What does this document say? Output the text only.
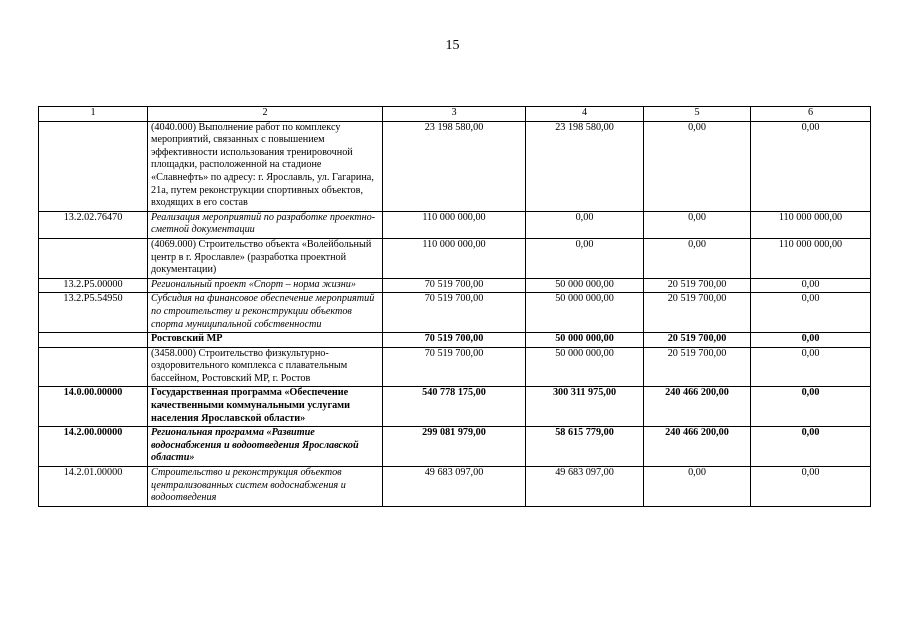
15
1	2	3	4	5	6
	(4040.000) Выполнение работ по комплексу мероприятий, связанных с повышением эффективности использования тренировочной площадки, расположенной на стадионе «Славнефть» по адресу: г. Ярославль, ул. Гагарина, 21а, путем реконструкции спортивных объектов, входящих в его состав	23 198 580,00	23 198 580,00	0,00	0,00
13.2.02.76470	Реализация мероприятий по разработке проектно-сметной документации	110 000 000,00	0,00	0,00	110 000 000,00
	(4069.000) Строительство объекта «Волейбольный центр в г. Ярославле» (разработка проектной документации)	110 000 000,00	0,00	0,00	110 000 000,00
13.2.P5.00000	Региональный проект «Спорт – норма жизни»	70 519 700,00	50 000 000,00	20 519 700,00	0,00
13.2.P5.54950	Субсидия на финансовое обеспечение мероприятий по строительству и реконструкции объектов спорта муниципальной собственности	70 519 700,00	50 000 000,00	20 519 700,00	0,00
	Ростовский МР	70 519 700,00	50 000 000,00	20 519 700,00	0,00
	(3458.000) Строительство физкультурно-оздоровительного комплекса с плавательным бассейном, Ростовский МР, г. Ростов	70 519 700,00	50 000 000,00	20 519 700,00	0,00
14.0.00.00000	Государственная программа «Обеспечение качественными коммунальными услугами населения Ярославской области»	540 778 175,00	300 311 975,00	240 466 200,00	0,00
14.2.00.00000	Региональная программа «Развитие водоснабжения и водоотведения Ярославской области»	299 081 979,00	58 615 779,00	240 466 200,00	0,00
14.2.01.00000	Строительство и реконструкция объектов централизованных систем водоснабжения и водоотведения	49 683 097,00	49 683 097,00	0,00	0,00
